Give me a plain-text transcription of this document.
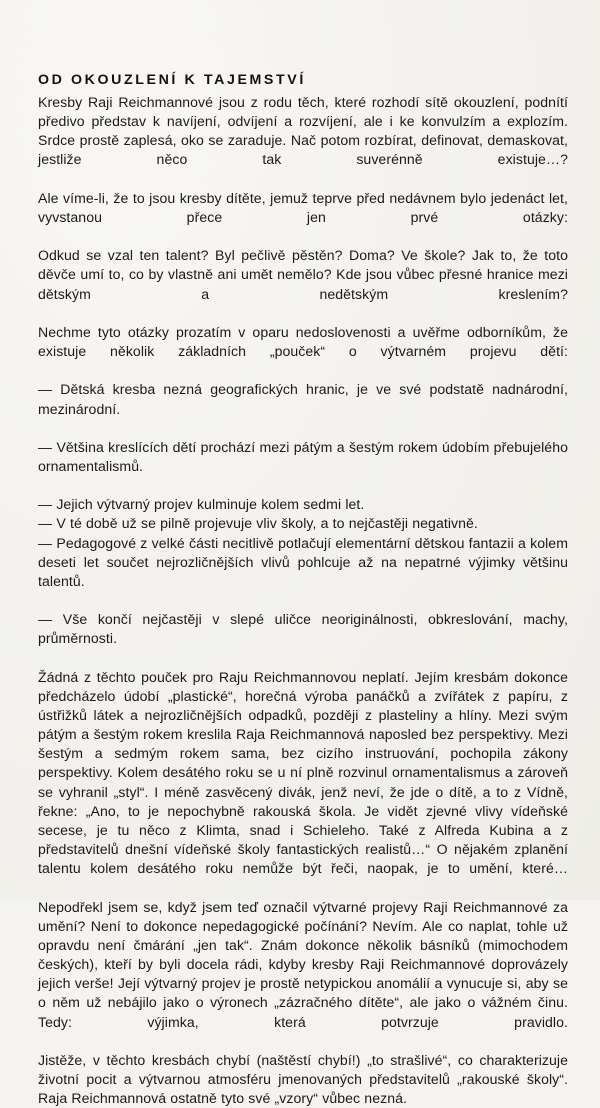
OD OKOUZLENÍ K TAJEMSTVÍ

Kresby Raji Reichmannové jsou z rodu těch, které rozhodí sítě okouzlení, podnítí předivo představ k navíjení, odvíjení a rozvíjení, ale i ke konvulzím a explozím. Srdce prostě zaplesá, oko se zaraduje. Nač potom rozbírat, definovat, demaskovat, jestliže něco tak suverénně existuje…?

Ale víme-li, že to jsou kresby dítěte, jemuž teprve před nedávnem bylo jedenáct let, vyvstanou přece jen prvé otázky:

Odkud se vzal ten talent? Byl pečlivě pěstěn? Doma? Ve škole? Jak to, že toto děvče umí to, co by vlastně ani umět nemělo? Kde jsou vůbec přesné hranice mezi dětským a nedětským kreslením?

Nechme tyto otázky prozatím v oparu nedoslovenosti a uvěřme odborníkům, že existuje několik základních „pouček“ o výtvarném projevu dětí:

— Dětská kresba nezná geografických hranic, je ve své podstatě nadnárodní, mezinárodní.

— Většina kreslících dětí prochází mezi pátým a šestým rokem údobím přebujelého ornamentalismů.

— Jejich výtvarný projev kulminuje kolem sedmi let.

— V té době už se pilně projevuje vliv školy, a to nejčastěji negativně.

— Pedagogové z velké části necitlivě potlačují elementární dětskou fantazii a kolem deseti let součet nejrozličnějších vlivů pohlcuje až na nepatrné výjimky většinu talentů.

— Vše končí nejčastěji v slepé uličce neoriginálnosti, obkreslování, machy, průměrnosti.

Žádná z těchto pouček pro Raju Reichmannovou neplatí. Jejím kresbám dokonce předcházelo údobí „plastické“, horečná výroba panáčků a zvířátek z papíru, z ústřižků látek a nejrozličnějších odpadků, později z plasteliny a hlíny. Mezi svým pátým a šestým rokem kreslila Raja Reichmannová naposled bez perspektivy. Mezi šestým a sedmým rokem sama, bez cizího instruování, pochopila zákony perspektivy. Kolem desátého roku se u ní plně rozvinul ornamentalismus a zároveň se vyhranil „styl“. I méně zasvěcený divák, jenž neví, že jde o dítě, a to z Vídně, řekne: „Ano, to je nepochybně rakouská škola. Je vidět zjevné vlivy vídeňské secese, je tu něco z Klimta, snad i Schieleho. Také z Alfreda Kubina a z představitelů dnešní vídeňské školy fantastických realistů…“ O nějakém zplanění talentu kolem desátého roku nemůže být řeči, naopak, je to umění, které…

Nepodřekl jsem se, když jsem teď označil výtvarné projevy Raji Reichmannové za umění? Není to dokonce nepedagogické počínání? Nevím. Ale co naplat, tohle už opravdu není čmárání „jen tak“. Znám dokonce několik básníků (mimochodem českých), kteří by byli docela rádi, kdyby kresby Raji Reichmannové doprovázely jejich verše! Její výtvarný projev je prostě netypickou anomálií a vynucuje si, aby se o něm už nebájilo jako o výronech „zázračného dítěte“, ale jako o vážném činu. Tedy: výjimka, která potvrzuje pravidlo.

Jistěže, v těchto kresbách chybí (naštěstí chybí!) „to strašlivé“, co charakterizuje životní pocit a výtvarnou atmosféru jmenovaných představitelů „rakouské školy“. Raja Reichmannová ostatně tyto své „vzory“ vůbec nezná.
